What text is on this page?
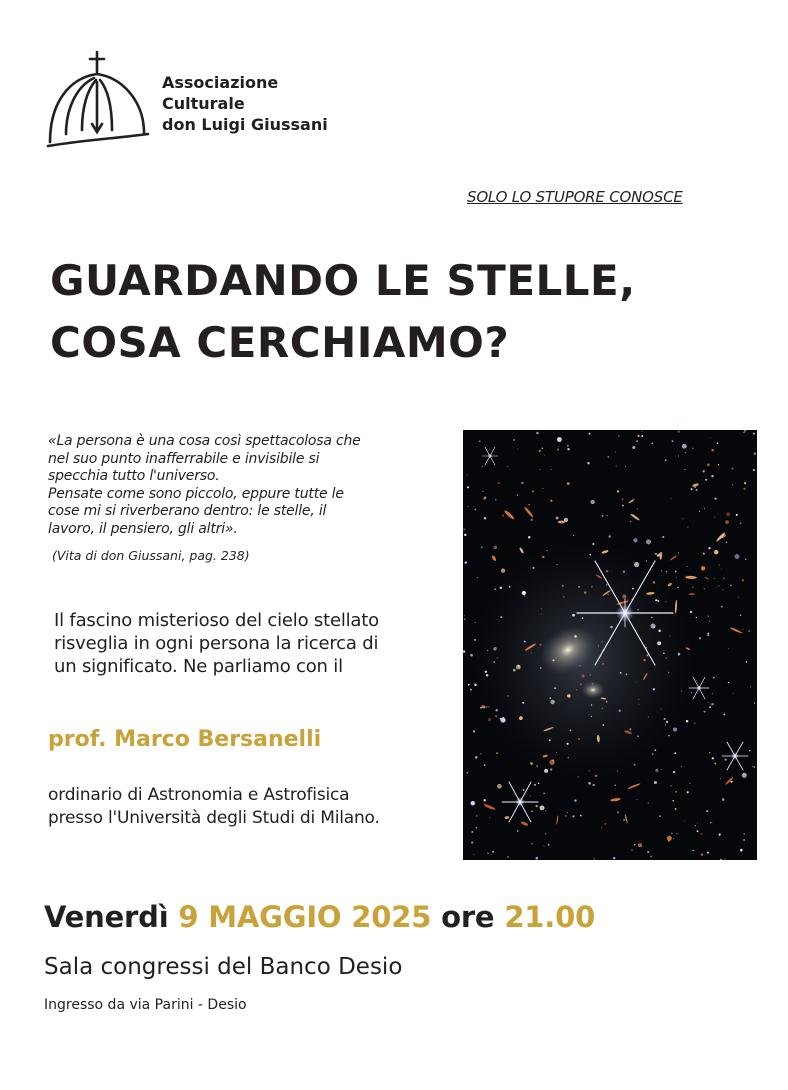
Associazione
Culturale
don Luigi Giussani
SOLO LO STUPORE CONOSCE
GUARDANDO LE STELLE,
COSA CERCHIAMO?
«La persona è una cosa così spettacolosa che
nel suo punto inafferrabile e invisibile si
specchia tutto l'universo.
Pensate come sono piccolo, eppure tutte le
cose mi si riverberano dentro: le stelle, il
lavoro, il pensiero, gli altri».
(Vita di don Giussani, pag. 238)
Il fascino misterioso del cielo stellato
risveglia in ogni persona la ricerca di
un significato. Ne parliamo con il
prof. Marco Bersanelli
ordinario di Astronomia e Astrofisica
presso l'Università degli Studi di Milano.
Venerdì 9 MAGGIO 2025 ore 21.00
Sala congressi del Banco Desio
Ingresso da via Parini - Desio
